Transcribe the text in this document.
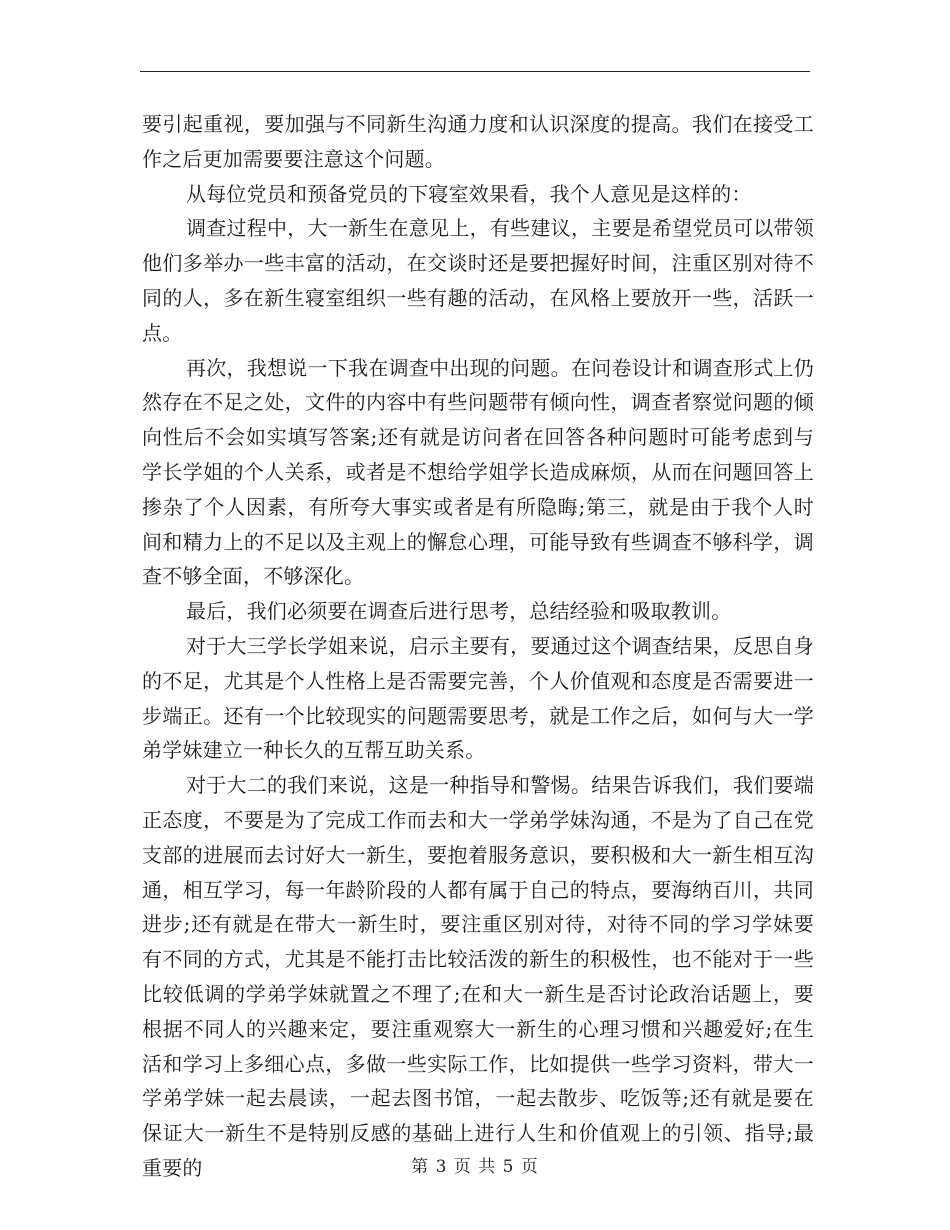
要引起重视，要加强与不同新生沟通力度和认识深度的提高。我们在接受工作之后更加需要要注意这个问题。

从每位党员和预备党员的下寝室效果看，我个人意见是这样的：

调查过程中，大一新生在意见上，有些建议，主要是希望党员可以带领他们多举办一些丰富的活动，在交谈时还是要把握好时间，注重区别对待不同的人，多在新生寝室组织一些有趣的活动，在风格上要放开一些，活跃一点。

再次，我想说一下我在调查中出现的问题。在问卷设计和调查形式上仍然存在不足之处，文件的内容中有些问题带有倾向性，调查者察觉问题的倾向性后不会如实填写答案;还有就是访问者在回答各种问题时可能考虑到与学长学姐的个人关系，或者是不想给学姐学长造成麻烦，从而在问题回答上掺杂了个人因素，有所夸大事实或者是有所隐晦;第三，就是由于我个人时间和精力上的不足以及主观上的懈怠心理，可能导致有些调查不够科学，调查不够全面，不够深化。

最后，我们必须要在调查后进行思考，总结经验和吸取教训。

对于大三学长学姐来说，启示主要有，要通过这个调查结果，反思自身的不足，尤其是个人性格上是否需要完善，个人价值观和态度是否需要进一步端正。还有一个比较现实的问题需要思考，就是工作之后，如何与大一学弟学妹建立一种长久的互帮互助关系。

对于大二的我们来说，这是一种指导和警惕。结果告诉我们，我们要端正态度，不要是为了完成工作而去和大一学弟学妹沟通，不是为了自己在党支部的进展而去讨好大一新生，要抱着服务意识，要积极和大一新生相互沟通，相互学习，每一年龄阶段的人都有属于自己的特点，要海纳百川，共同进步;还有就是在带大一新生时，要注重区别对待，对待不同的学习学妹要有不同的方式，尤其是不能打击比较活泼的新生的积极性，也不能对于一些比较低调的学弟学妹就置之不理了;在和大一新生是否讨论政治话题上，要根据不同人的兴趣来定，要注重观察大一新生的心理习惯和兴趣爱好;在生活和学习上多细心点，多做一些实际工作，比如提供一些学习资料，带大一学弟学妹一起去晨读，一起去图书馆，一起去散步、吃饭等;还有就是要在保证大一新生不是特别反感的基础上进行人生和价值观上的引领、指导;最重要的	第 3 页 共 5 页
